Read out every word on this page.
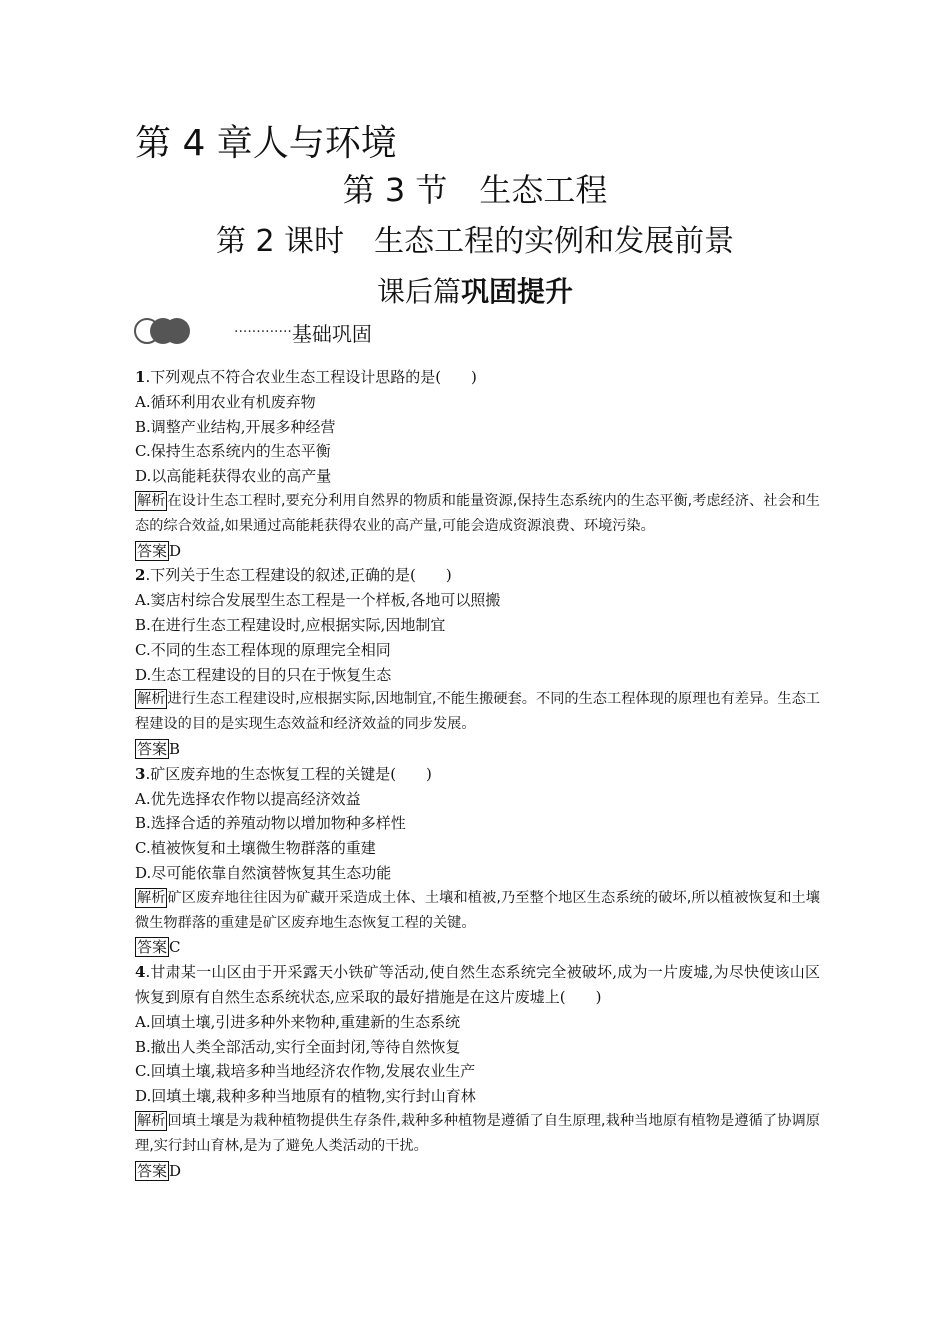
第 4 章人与环境
第 3 节　生态工程
第 2 课时　生态工程的实例和发展前景
课后篇巩固提升
············· 基础巩固
1.下列观点不符合农业生态工程设计思路的是(　　)
A.循环利用农业有机废弃物
B.调整产业结构,开展多种经营
C.保持生态系统内的生态平衡
D.以高能耗获得农业的高产量
解析 在设计生态工程时,要充分利用自然界的物质和能量资源,保持生态系统内的生态平衡,考虑经济、社会和生态的综合效益,如果通过高能耗获得农业的高产量,可能会造成资源浪费、环境污染。
答案 D
2.下列关于生态工程建设的叙述,正确的是(　　)
A.窦店村综合发展型生态工程是一个样板,各地可以照搬
B.在进行生态工程建设时,应根据实际,因地制宜
C.不同的生态工程体现的原理完全相同
D.生态工程建设的目的只在于恢复生态
解析 进行生态工程建设时,应根据实际,因地制宜,不能生搬硬套。不同的生态工程体现的原理也有差异。生态工程建设的目的是实现生态效益和经济效益的同步发展。
答案 B
3.矿区废弃地的生态恢复工程的关键是(　　)
A.优先选择农作物以提高经济效益
B.选择合适的养殖动物以增加物种多样性
C.植被恢复和土壤微生物群落的重建
D.尽可能依靠自然演替恢复其生态功能
解析 矿区废弃地往往因为矿藏开采造成土体、土壤和植被,乃至整个地区生态系统的破坏,所以植被恢复和土壤微生物群落的重建是矿区废弃地生态恢复工程的关键。
答案 C
4.甘肃某一山区由于开采露天小铁矿等活动,使自然生态系统完全被破坏,成为一片废墟,为尽快使该山区恢复到原有自然生态系统状态,应采取的最好措施是在这片废墟上(　　)
A.回填土壤,引进多种外来物种,重建新的生态系统
B.撤出人类全部活动,实行全面封闭,等待自然恢复
C.回填土壤,栽培多种当地经济农作物,发展农业生产
D.回填土壤,栽种多种当地原有的植物,实行封山育林
解析 回填土壤是为栽种植物提供生存条件,栽种多种植物是遵循了自生原理,栽种当地原有植物是遵循了协调原理,实行封山育林,是为了避免人类活动的干扰。
答案 D
